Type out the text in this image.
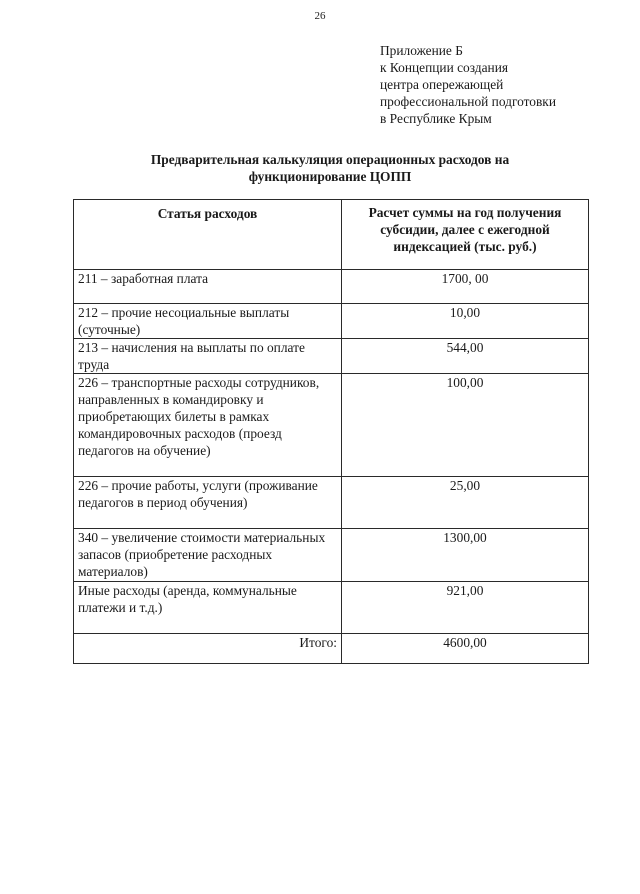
26
Приложение Б
к Концепции создания
центра опережающей
профессиональной подготовки
в Республике Крым
Предварительная калькуляция операционных расходов на
функционирование ЦОПП
Статья расходов	Расчет суммы на год получения субсидии, далее с ежегодной индексацией (тыс. руб.)
211 – заработная плата	1700, 00
212 – прочие несоциальные выплаты (суточные)	10,00
213 – начисления на выплаты по оплате труда	544,00
226 – транспортные расходы сотрудников, направленных в командировку и приобретающих билеты в рамках командировочных расходов (проезд педагогов на обучение)	100,00
226 – прочие работы, услуги (проживание педагогов в период обучения)	25,00
340 – увеличение стоимости материальных запасов (приобретение расходных материалов)	1300,00
Иные расходы (аренда, коммунальные платежи и т.д.)	921,00
Итого:	4600,00
